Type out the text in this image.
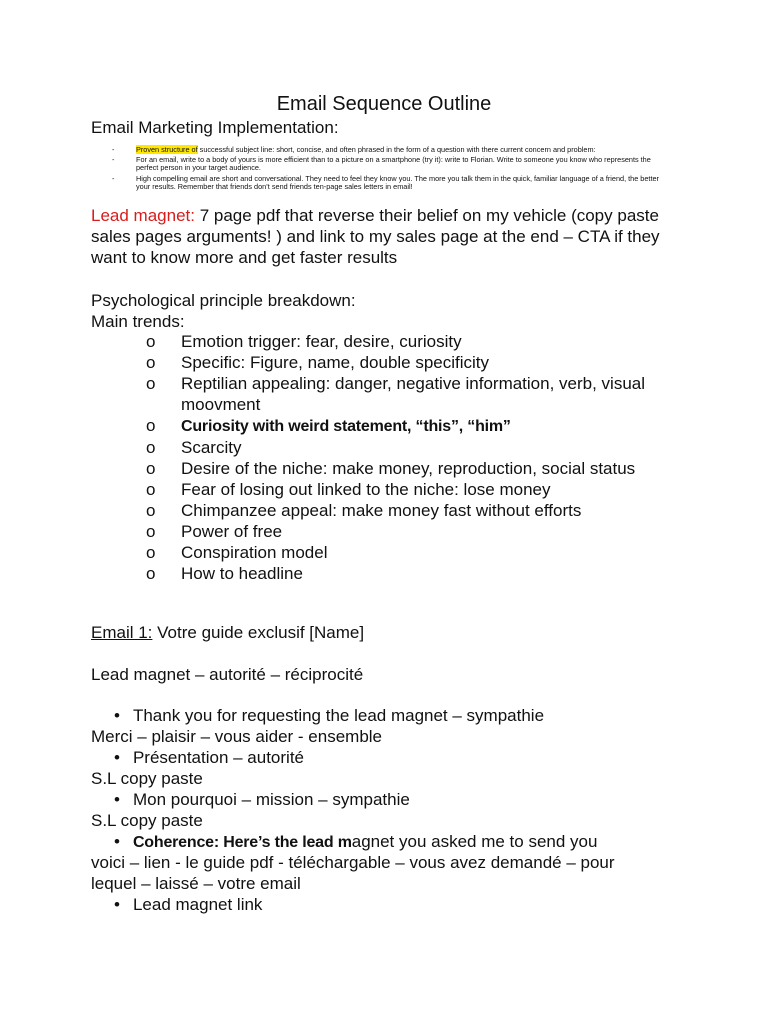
Email Sequence Outline
Email Marketing Implementation:
-	Proven structure of successful subject line: short, concise, and often phrased in the form of a question with there current concern and problem:
-	For an email, write to a body of yours is more efficient than to a picture on a smartphone (try it): write to Florian. Write to someone you know who represents the perfect person in your target audience.
-	High compelling email are short and conversational. They need to feel they know you. The more you talk them in the quick, familiar language of a friend, the better your results. Remember that friends don’t send friends ten-page sales letters in email!
Lead magnet: 7 page pdf that reverse their belief on my vehicle (copy paste sales pages arguments! ) and link to my sales page at the end – CTA if they want to know more and get faster results
Psychological principle breakdown:
Main trends:
o Emotion trigger: fear, desire, curiosity
o Specific: Figure, name, double specificity
o Reptilian appealing: danger, negative information, verb, visual moovment
o Curiosity with weird statement, “this”, “him”
o Scarcity
o Desire of the niche: make money, reproduction, social status
o Fear of losing out linked to the niche: lose money
o Chimpanzee appeal: make money fast without efforts
o Power of free
o Conspiration model
o How to headline
Email 1: Votre guide exclusif [Name]
Lead magnet – autorité – réciprocité
• Thank you for requesting the lead magnet – sympathie
Merci – plaisir – vous aider - ensemble
• Présentation – autorité
S.L copy paste
• Mon pourquoi – mission – sympathie
S.L copy paste
• Coherence: Here’s the lead magnet you asked me to send you
voici – lien - le guide pdf - téléchargable – vous avez demandé – pour
lequel – laissé – votre email
• Lead magnet link
